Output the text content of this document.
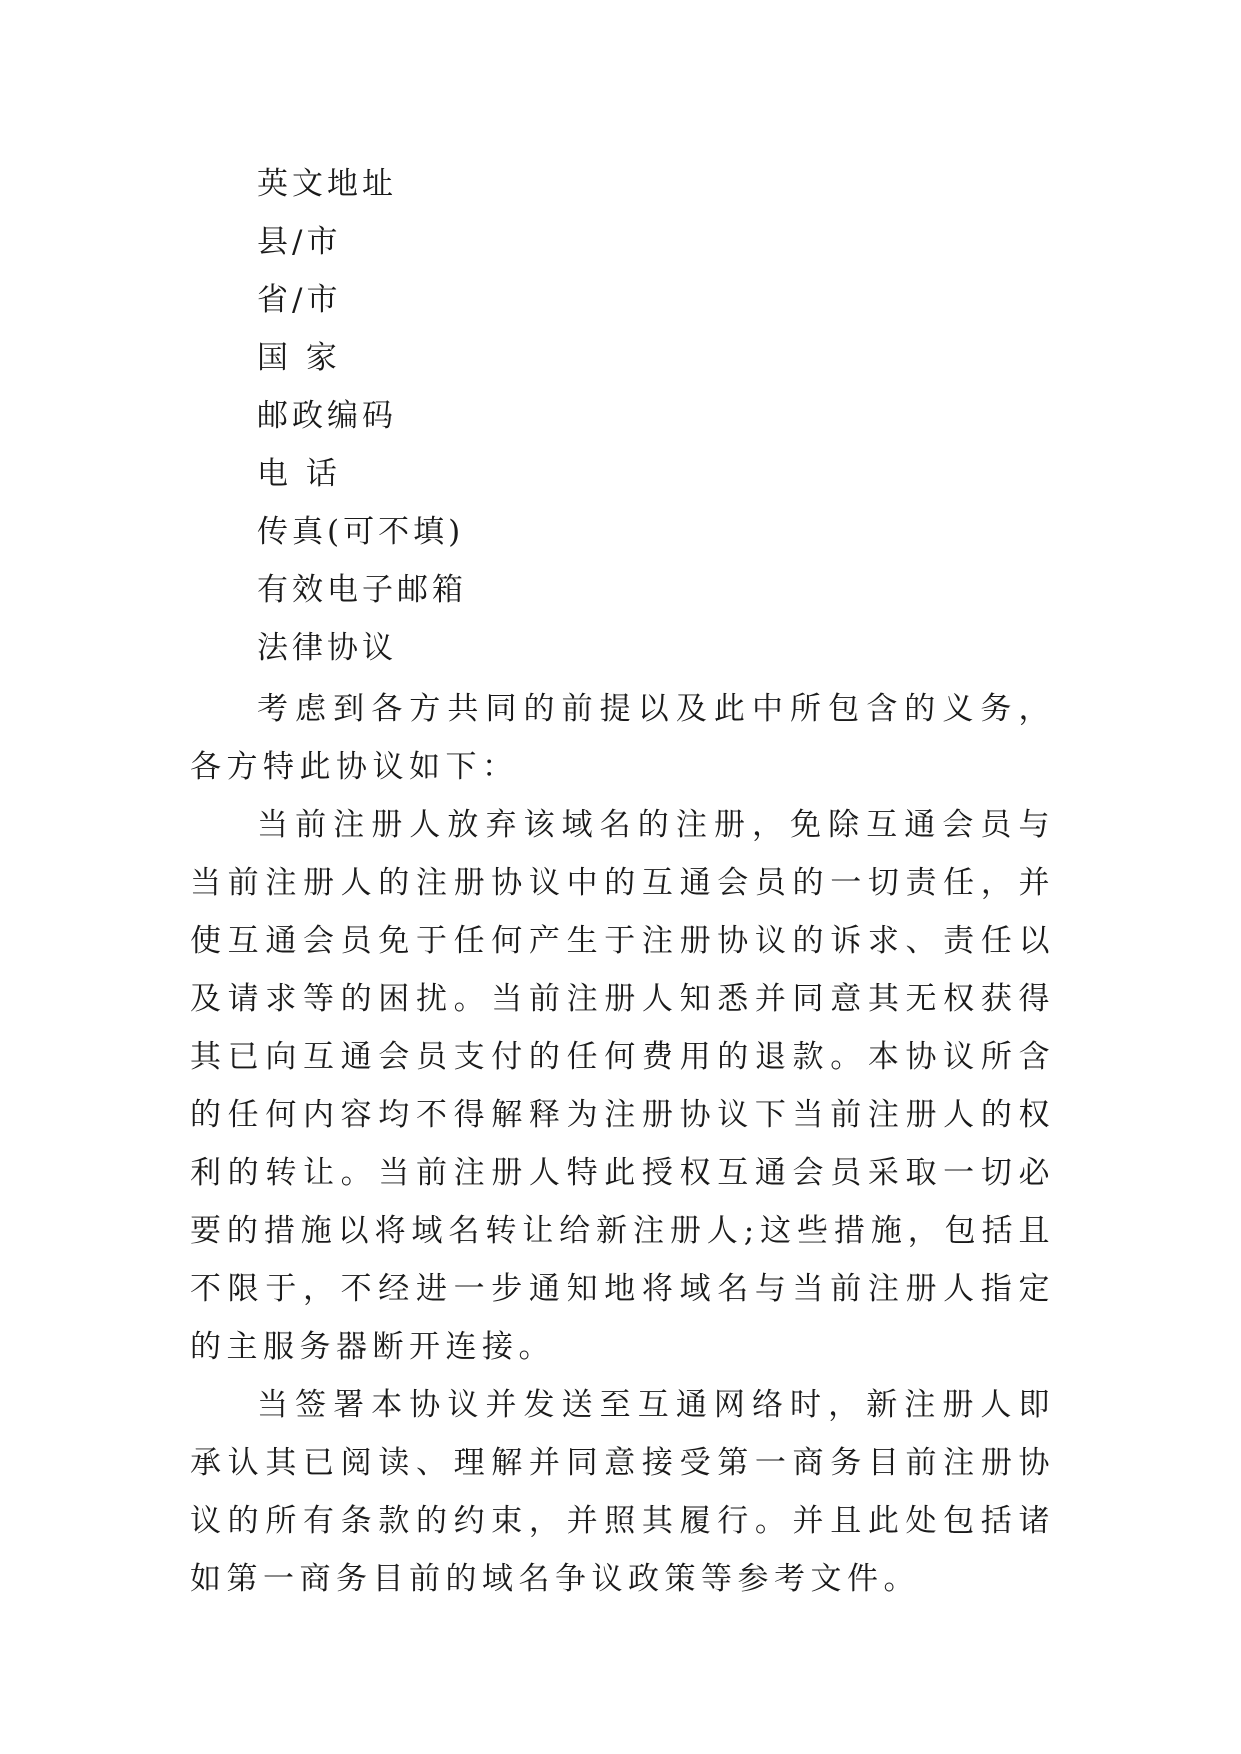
英文地址
县/市
省/市
国 家
邮政编码
电 话
传真(可不填)
有效电子邮箱
法律协议

考虑到各方共同的前提以及此中所包含的义务，各方特此协议如下：

当前注册人放弃该域名的注册，免除互通会员与当前注册人的注册协议中的互通会员的一切责任，并使互通会员免于任何产生于注册协议的诉求、责任以及请求等的困扰。当前注册人知悉并同意其无权获得其已向互通会员支付的任何费用的退款。本协议所含的任何内容均不得解释为注册协议下当前注册人的权利的转让。当前注册人特此授权互通会员采取一切必要的措施以将域名转让给新注册人;这些措施，包括且不限于，不经进一步通知地将域名与当前注册人指定的主服务器断开连接。

当签署本协议并发送至互通网络时，新注册人即承认其已阅读、理解并同意接受第一商务目前注册协议的所有条款的约束，并照其履行。并且此处包括诸如第一商务目前的域名争议政策等参考文件。
